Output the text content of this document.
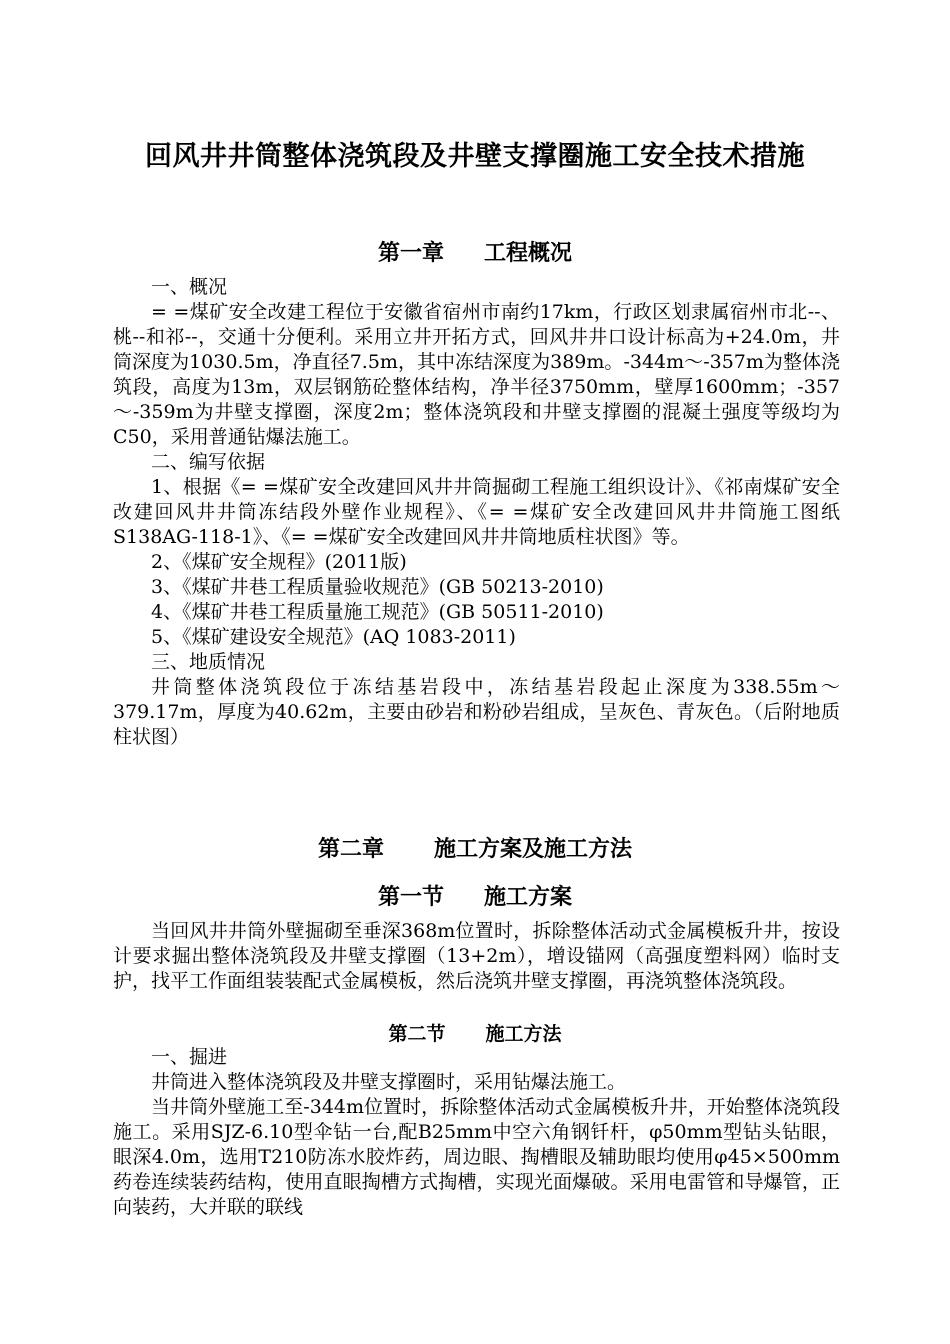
回风井井筒整体浇筑段及井壁支撑圈施工安全技术措施
第一章 工程概况

一、概况

= =煤矿安全改建工程位于安徽省宿州市南约17km，行政区划隶属宿州市北--、桃--和祁--，交通十分便利。采用立井开拓方式，回风井井口设计标高为+24.0m，井筒深度为1030.5m，净直径7.5m，其中冻结深度为389m。-344m～-357m为整体浇筑段，高度为13m，双层钢筋砼整体结构，净半径3750mm，壁厚1600mm；-357～-359m为井壁支撑圈，深度2m；整体浇筑段和井壁支撑圈的混凝土强度等级均为C50，采用普通钻爆法施工。

二、编写依据

1、根据《= =煤矿安全改建回风井井筒掘砌工程施工组织设计》、《祁南煤矿安全改建回风井井筒冻结段外壁作业规程》、《= =煤矿安全改建回风井井筒施工图纸S138AG-118-1》、《= =煤矿安全改建回风井井筒地质柱状图》等。

2、《煤矿安全规程》(2011版)

3、《煤矿井巷工程质量验收规范》(GB 50213-2010)

4、《煤矿井巷工程质量施工规范》(GB 50511-2010)

5、《煤矿建设安全规范》(AQ 1083-2011)

三、地质情况

井筒整体浇筑段位于冻结基岩段中，冻结基岩段起止深度为338.55m～379.17m，厚度为40.62m，主要由砂岩和粉砂岩组成，呈灰色、青灰色。（后附地质柱状图）

第二章 施工方案及施工方法
第一节 施工方案

当回风井井筒外壁掘砌至垂深368m位置时，拆除整体活动式金属模板升井，按设计要求掘出整体浇筑段及井壁支撑圈（13+2m），增设锚网（高强度塑料网）临时支护，找平工作面组装装配式金属模板，然后浇筑井壁支撑圈，再浇筑整体浇筑段。

第二节 施工方法

一、掘进

井筒进入整体浇筑段及井壁支撑圈时，采用钻爆法施工。

当井筒外壁施工至-344m位置时，拆除整体活动式金属模板升井，开始整体浇筑段施工。采用SJZ-6.10型伞钻一台,配B25mm中空六角钢钎杆，φ50mm型钻头钻眼，眼深4.0m，选用T210防冻水胶炸药，周边眼、掏槽眼及辅助眼均使用φ45×500mm药卷连续装药结构，使用直眼掏槽方式掏槽，实现光面爆破。采用电雷管和导爆管，正向装药，大并联的联线
